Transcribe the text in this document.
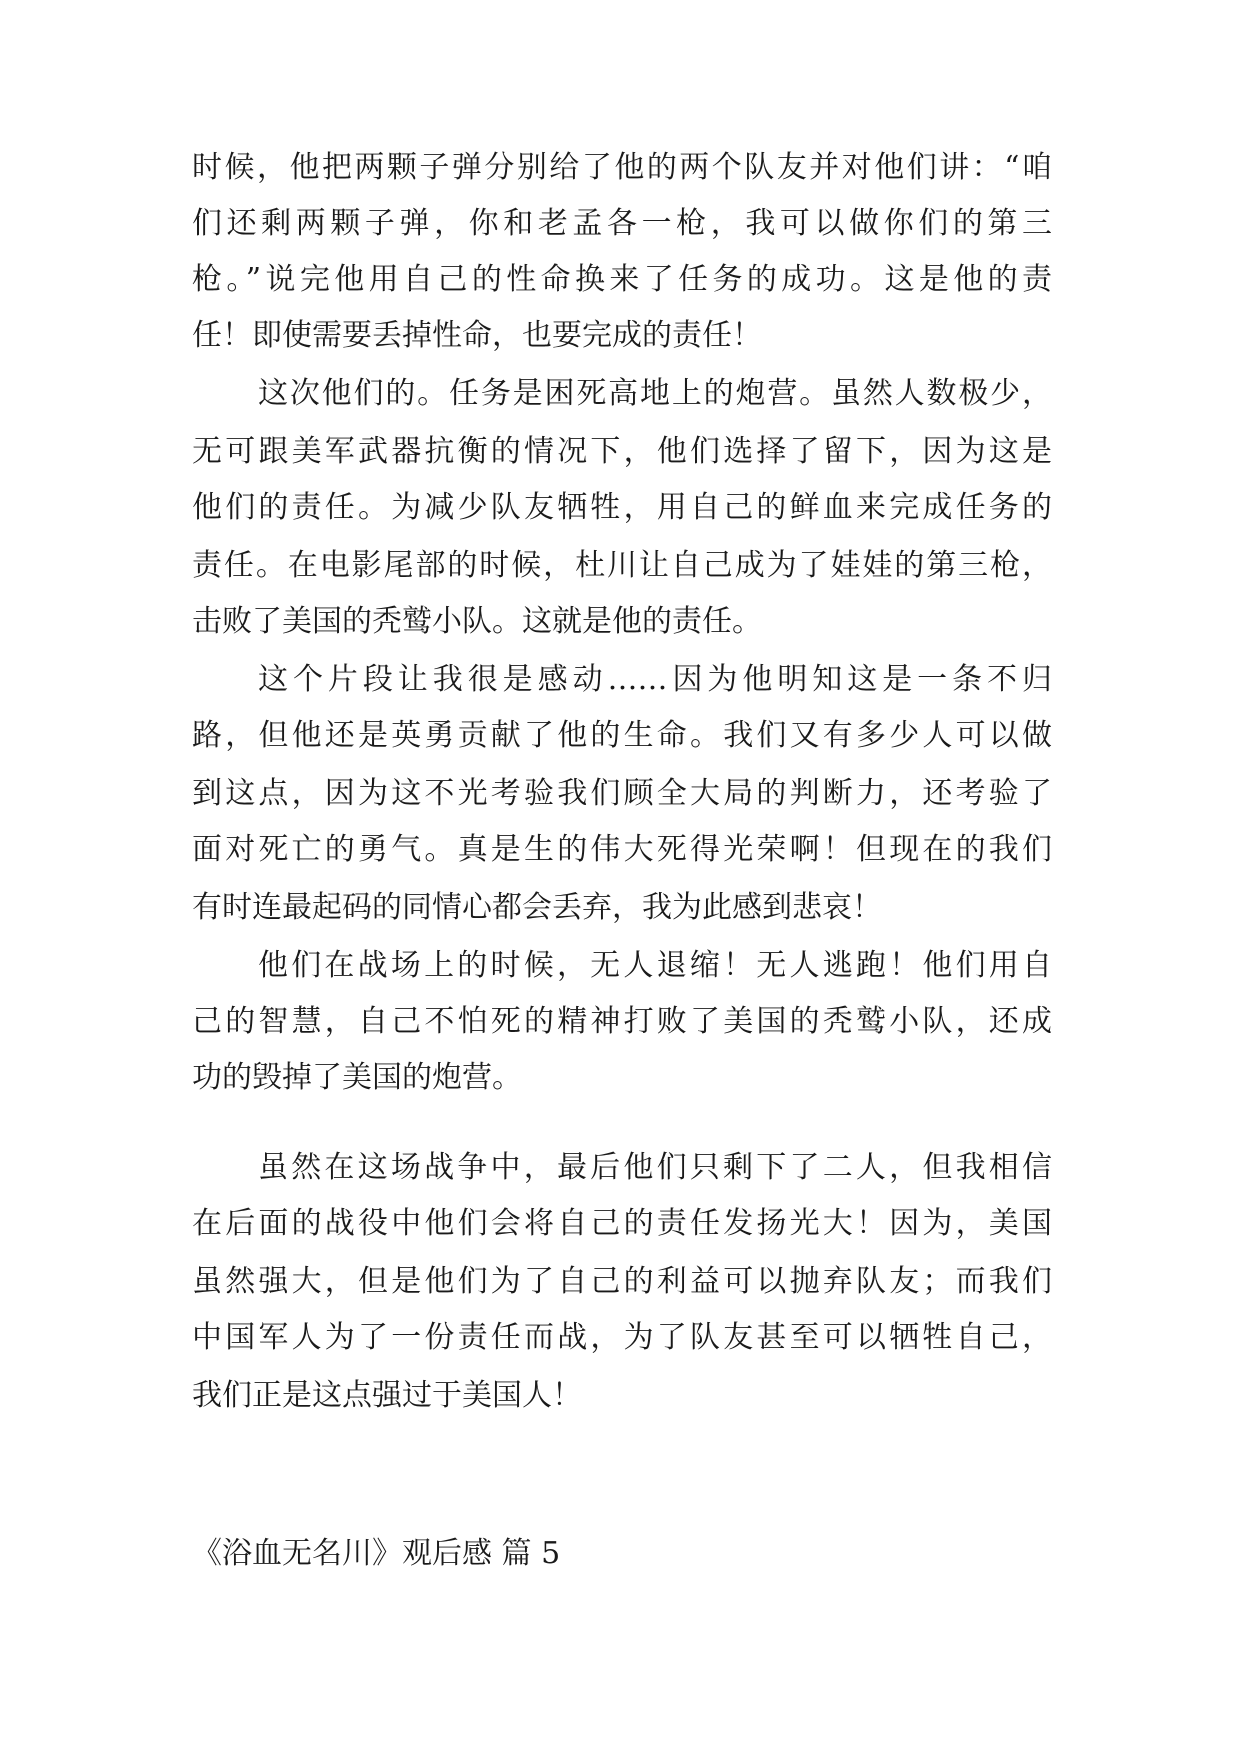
时候，他把两颗子弹分别给了他的两个队友并对他们讲：“咱
们还剩两颗子弹，你和老孟各一枪，我可以做你们的第三
枪。”说完他用自己的性命换来了任务的成功。这是他的责
任！即使需要丢掉性命，也要完成的责任！
这次他们的。任务是困死高地上的炮营。虽然人数极少，
无可跟美军武器抗衡的情况下，他们选择了留下，因为这是
他们的责任。为减少队友牺牲，用自己的鲜血来完成任务的
责任。在电影尾部的时候，杜川让自己成为了娃娃的第三枪，
击败了美国的秃鹫小队。这就是他的责任。
这个片段让我很是感动……因为他明知这是一条不归
路，但他还是英勇贡献了他的生命。我们又有多少人可以做
到这点，因为这不光考验我们顾全大局的判断力，还考验了
面对死亡的勇气。真是生的伟大死得光荣啊！但现在的我们
有时连最起码的同情心都会丢弃，我为此感到悲哀！
他们在战场上的时候，无人退缩！无人逃跑！他们用自
己的智慧，自己不怕死的精神打败了美国的秃鹫小队，还成
功的毁掉了美国的炮营。
虽然在这场战争中，最后他们只剩下了二人，但我相信
在后面的战役中他们会将自己的责任发扬光大！因为，美国
虽然强大，但是他们为了自己的利益可以抛弃队友；而我们
中国军人为了一份责任而战，为了队友甚至可以牺牲自己，
我们正是这点强过于美国人！
《浴血无名川》观后感 篇 5
